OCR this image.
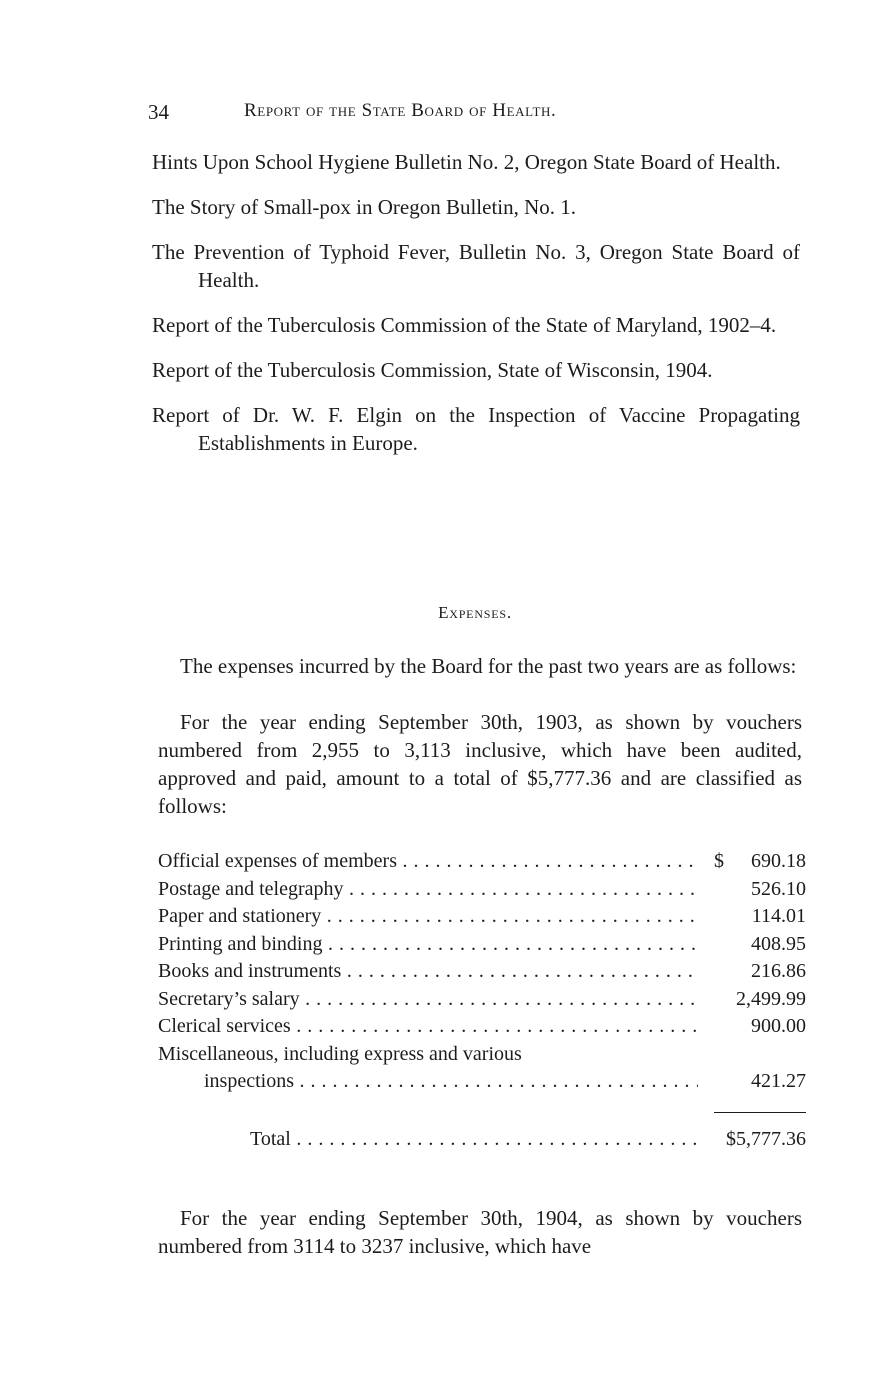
34	Report of the State Board of Health.
Hints Upon School Hygiene Bulletin No. 2, Oregon State Board of Health.
The Story of Small-pox in Oregon Bulletin, No. 1.
The Prevention of Typhoid Fever, Bulletin No. 3, Oregon State Board of Health.
Report of the Tuberculosis Commission of the State of Maryland, 1902–4.
Report of the Tuberculosis Commission, State of Wisconsin, 1904.
Report of Dr. W. F. Elgin on the Inspection of Vaccine Propagating Establishments in Europe.
Expenses.

The expenses incurred by the Board for the past two years are as follows:

For the year ending September 30th, 1903, as shown by vouchers numbered from 2,955 to 3,113 inclusive, which have been audited, approved and paid, amount to a total of $5,777.36 and are classified as follows:

Official expenses of members . . .	$ 690.18
Postage and telegraphy . . .	526.10
Paper and stationery . . .	114.01
Printing and binding . . .	408.95
Books and instruments . . .	216.86
Secretary’s salary . . .	2,499.99
Clerical services . . .	900.00
Miscellaneous, including express and various
inspections . . .	421.27
Total . . .	$5,777.36

For the year ending September 30th, 1904, as shown by vouchers numbered from 3114 to 3237 inclusive, which have
